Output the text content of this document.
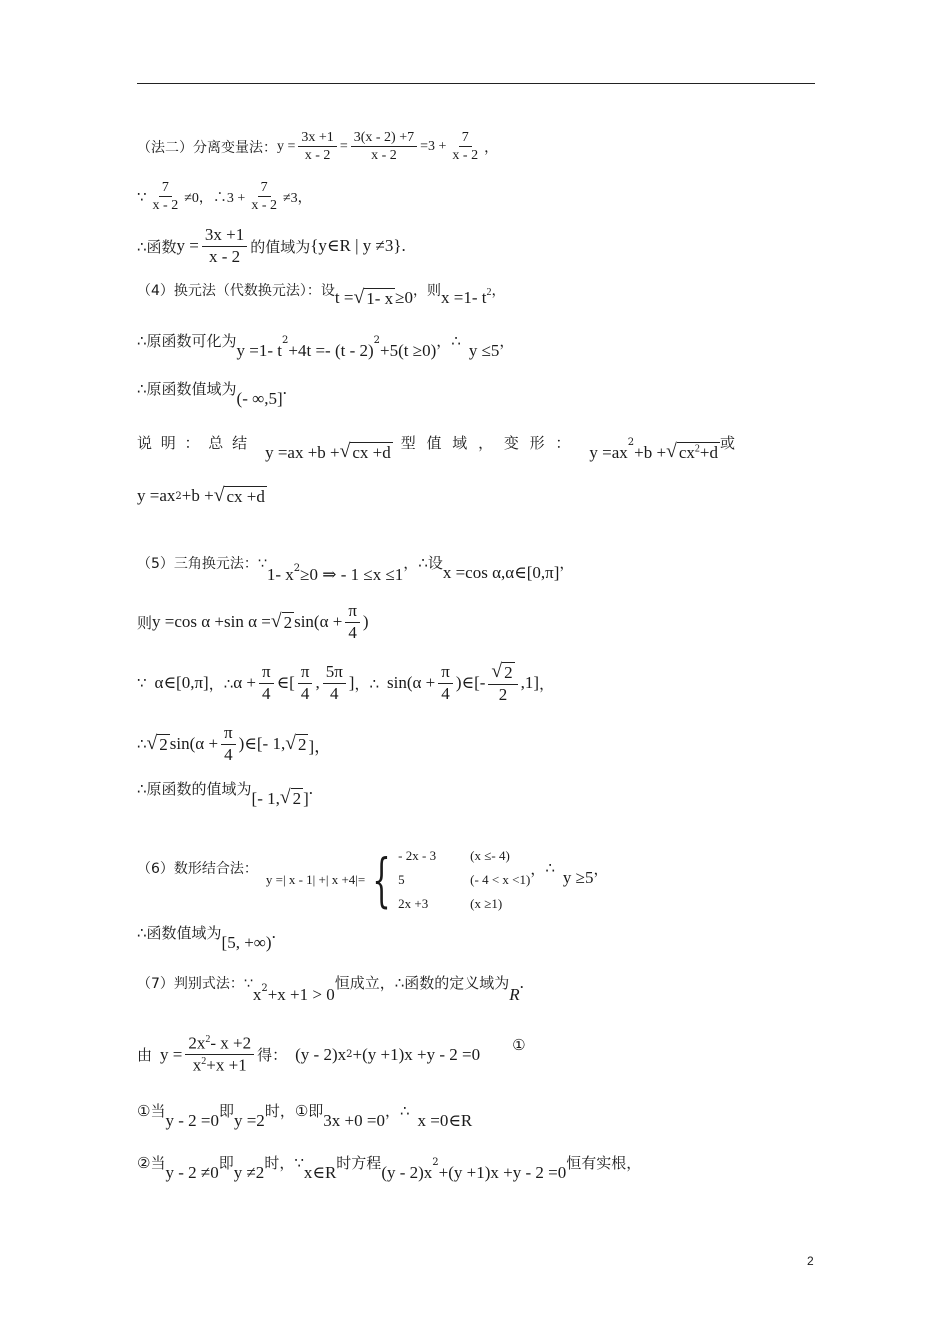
（法二）分离变量法： $y = \frac{3x +1}{x - 2} = \frac{3(x - 2) +7}{x - 2} =3 + \frac{7}{x - 2}$ ，
∵ $\frac{7}{x - 2} \ne 0$，∴3 + $\frac{7}{x - 2} \ne 3$，
∴函数 $y = \frac{3x +1}{x - 2}$ 的值域为 {y∈R | y ≠3} .
（4）换元法（代数换元法）：设 t = √ 1- x ≥0 ，则 x =1- $t^2$ ，
∴原函数可化为 y =1- $t^2 +4t =- (t - 2)^2 +5(t \ge 0)$ ， ∴ y ≤5 ，
∴原函数值域为 (- ∞,5]
.
说 明 ： 总 结 y =ax +b + √ cx +d
型 值 域 ， 变 形 ： $y =ax^2 +b$ + √ $cx^2+d$
或
y =ax 2 +b + √ cx +d
（5）三角换元法：∵
1- $x^2 \ge 0$ ⇒ - 1 ≤x ≤1
， ∴设 x =cos α,α∈[0,π] ，
则 y =cos α +sin α = √ 2 $\sin(\alpha + \frac{\pi}{4}$ )
∵ α∈[0,π] ，∴ $\alpha + \frac{\pi}{4}$ ∈[ $\frac{\pi}{4}$ , $\frac{5\pi}{4}$ ] ，∴ $\sin(\alpha + \frac{\pi}{4}$ )∈[- $\frac{√ 2}{2} ,1$] ，
∴ √ 2 $\sin(\alpha + \frac{\pi}{4}$ )∈[- 1, √ 2 ]，
∴原函数的值域为 [- 1, √ 2 ]
.
（6）数形结合法：
y =| x - 1| +| x +4|= { - 2x - 3	(x ≤- 4)
5	(- 4 < x <1)
2x +3	(x ≥1)
， ∴ y ≥5 ，
∴函数值域为 [5, +∞)
.
（7）判别式法：∵
$x^2 +x +1 > 0$
恒成立，∴函数的定义域为
R
.
由 $y = \frac{2x^2- x +2}{x^2+x +1}$ 得： (y - 2)x 2 +(y +1)x +y - 2 =0 ①
①当 y - 2 =0 即 y =2 时，①即 3x +0 =0 ，∴ x =0∈R
②当 y - 2 ≠0 即 y ≠2 时，∵ x∈R 时方程 $(y - 2)x^2 +(y +1)x +y - 2 =0$ 恒有实根，
2
